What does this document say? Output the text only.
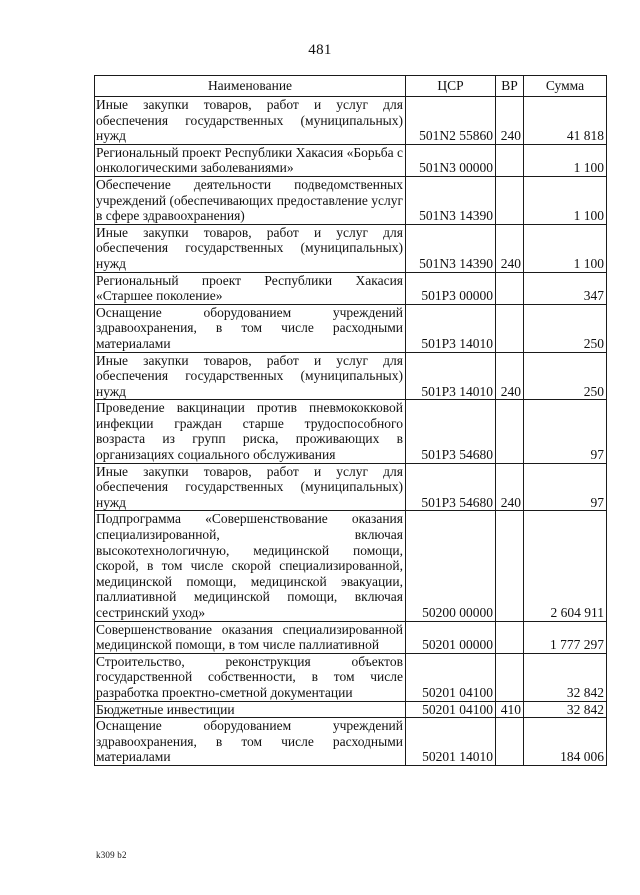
481
Наименование	ЦСР	ВР	Сумма
Иные закупки товаров, работ и услуг для обеспечения государственных (муниципальных) нужд	501N2 55860	240	41 818
Региональный проект Республики Хакасия «Борьба с онкологическими заболеваниями»	501N3 00000		1 100
Обеспечение деятельности подведомственных учреждений (обеспечивающих предоставление услуг в сфере здравоохранения)	501N3 14390		1 100
Иные закупки товаров, работ и услуг для обеспечения государственных (муниципальных) нужд	501N3 14390	240	1 100
Региональный проект Республики Хакасия «Старшее поколение»	501P3 00000		347
Оснащение оборудованием учреждений здравоохранения, в том числе расходными материалами	501P3 14010		250
Иные закупки товаров, работ и услуг для обеспечения государственных (муниципальных) нужд	501P3 14010	240	250
Проведение вакцинации против пневмококковой инфекции граждан старше трудоспособного возраста из групп риска, проживающих в организациях социального обслуживания	501P3 54680		97
Иные закупки товаров, работ и услуг для обеспечения государственных (муниципальных) нужд	501P3 54680	240	97
Подпрограмма «Совершенствование оказания специализированной, включая высокотехнологичную, медицинской помощи, скорой, в том числе скорой специализированной, медицинской помощи, медицинской эвакуации, паллиативной медицинской помощи, включая сестринский уход»	50200 00000		2 604 911
Совершенствование оказания специализированной медицинской помощи, в том числе паллиативной	50201 00000		1 777 297
Строительство, реконструкция объектов государственной собственности, в том числе разработка проектно-сметной документации	50201 04100		32 842
Бюджетные инвестиции	50201 04100	410	32 842
Оснащение оборудованием учреждений здравоохранения, в том числе расходными материалами	50201 14010		184 006
k309 b2
